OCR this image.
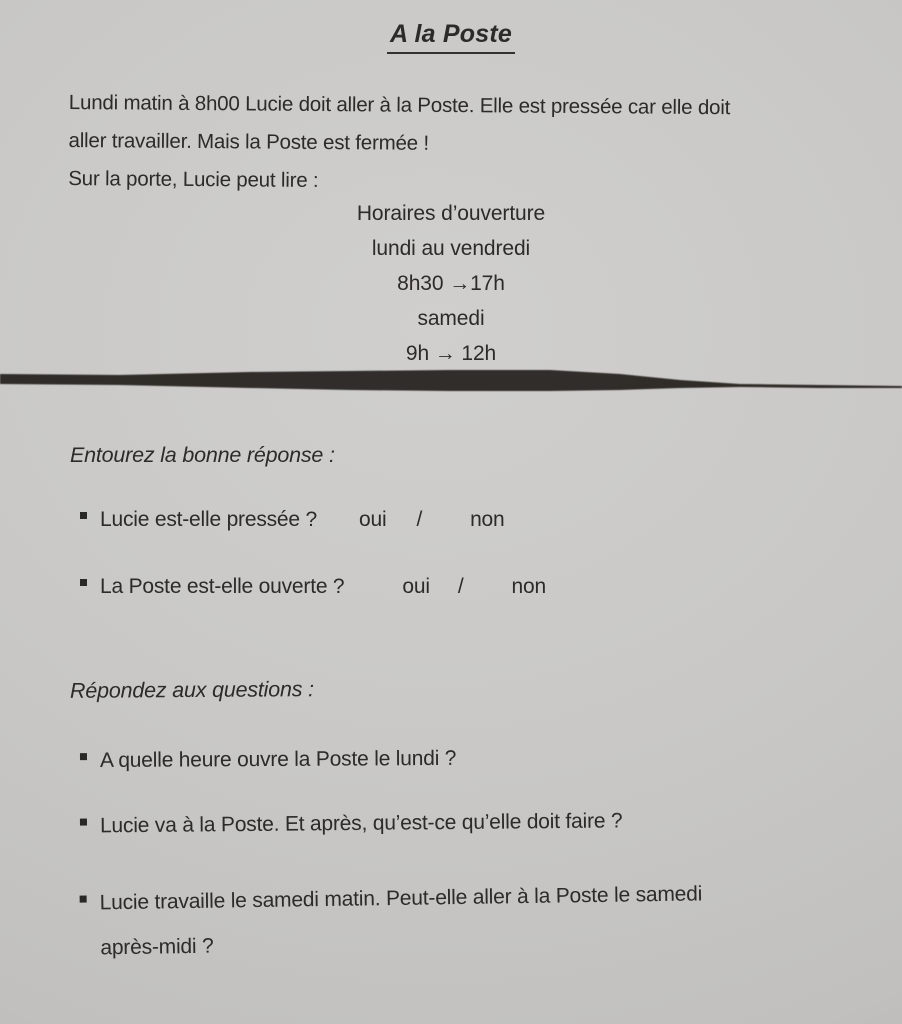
A la Poste
Lundi matin à 8h00 Lucie doit aller à la Poste. Elle est pressée car elle doit
aller travailler. Mais la Poste est fermée !
Sur la porte, Lucie peut lire :
Horaires d’ouverture
lundi au vendredi
8h30 →17h
samedi
9h → 12h
Entourez la bonne réponse :
Lucie est-elle pressée ? oui / non
La Poste est-elle ouverte ?	oui / non
Répondez aux questions :
A quelle heure ouvre la Poste le lundi ?
Lucie va à la Poste. Et après, qu’est-ce qu’elle doit faire ?
Lucie travaille le samedi matin. Peut-elle aller à la Poste le samedi
après-midi ?
